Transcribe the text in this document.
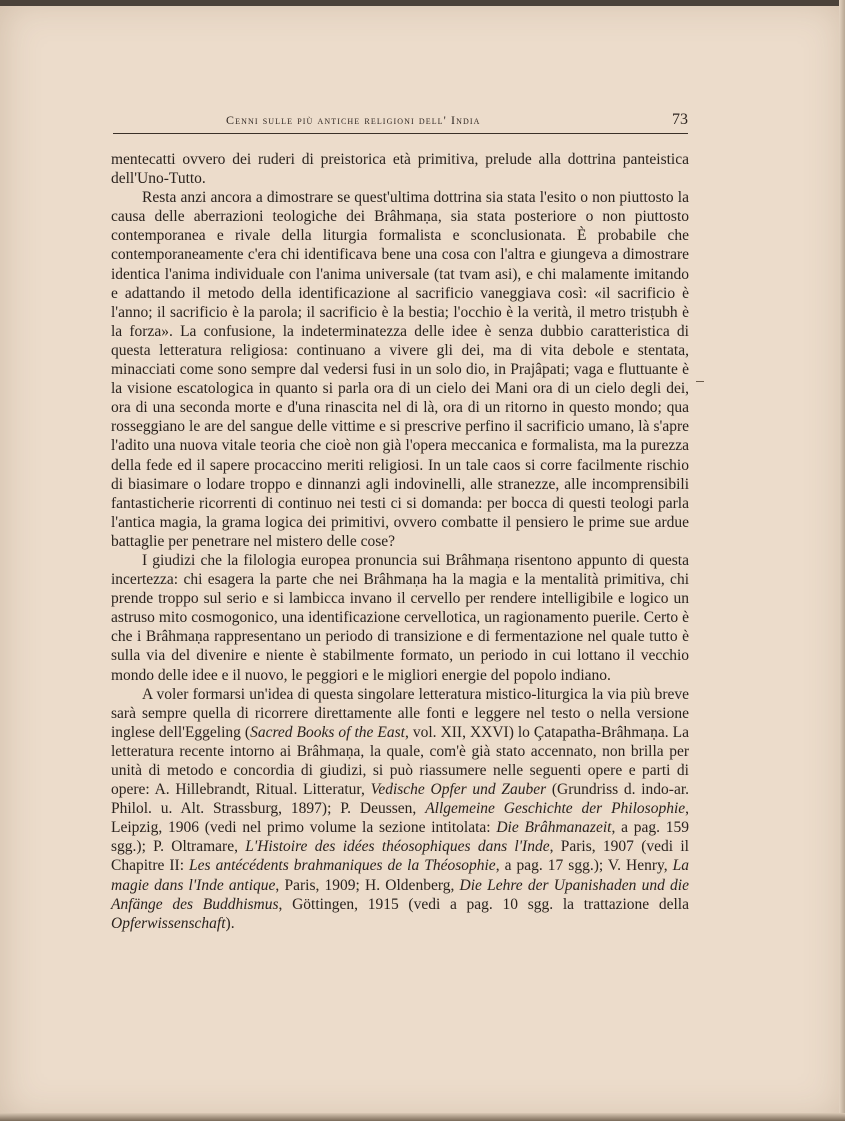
Cenni sulle più antiche religioni dell' India	73

mentecatti ovvero dei ruderi di preistorica età primitiva, prelude alla dottrina panteistica dell'Uno-Tutto.

Resta anzi ancora a dimostrare se quest'ultima dottrina sia stata l'esito o non piuttosto la causa delle aberrazioni teologiche dei Brâhmaṇa, sia stata posteriore o non piuttosto contemporanea e rivale della liturgia formalista e sconclusionata. È probabile che contemporaneamente c'era chi identificava bene una cosa con l'altra e giungeva a dimostrare identica l'anima individuale con l'anima universale (tat tvam asi), e chi malamente imitando e adattando il metodo della identificazione al sacrificio vaneggiava così: «il sacrificio è l'anno; il sacrificio è la parola; il sacrificio è la bestia; l'occhio è la verità, il metro trisṭubh è la forza». La confusione, la indeterminatezza delle idee è senza dubbio caratteristica di questa letteratura religiosa: continuano a vivere gli dei, ma di vita debole e stentata, minacciati come sono sempre dal vedersi fusi in un solo dio, in Prajâpati; vaga e fluttuante è la visione escatologica in quanto si parla ora di un cielo dei Mani ora di un cielo degli dei, ora di una seconda morte e d'una rinascita nel di là, ora di un ritorno in questo mondo; qua rosseggiano le are del sangue delle vittime e si prescrive perfino il sacrificio umano, là s'apre l'adito una nuova vitale teoria che cioè non già l'opera meccanica e formalista, ma la purezza della fede ed il sapere procaccino meriti religiosi. In un tale caos si corre facilmente rischio di biasimare o lodare troppo e dinnanzi agli indovinelli, alle stranezze, alle incomprensibili fantasticherie ricorrenti di continuo nei testi ci si domanda: per bocca di questi teologi parla l'antica magia, la grama logica dei primitivi, ovvero combatte il pensiero le prime sue ardue battaglie per penetrare nel mistero delle cose?

I giudizi che la filologia europea pronuncia sui Brâhmaṇa risentono appunto di questa incertezza: chi esagera la parte che nei Brâhmaṇa ha la magia e la mentalità primitiva, chi prende troppo sul serio e si lambicca invano il cervello per rendere intelligibile e logico un astruso mito cosmogonico, una identificazione cervellotica, un ragionamento puerile. Certo è che i Brâhmaṇa rappresentano un periodo di transizione e di fermentazione nel quale tutto è sulla via del divenire e niente è stabilmente formato, un periodo in cui lottano il vecchio mondo delle idee e il nuovo, le peggiori e le migliori energie del popolo indiano.

A voler formarsi un'idea di questa singolare letteratura mistico-liturgica la via più breve sarà sempre quella di ricorrere direttamente alle fonti e leggere nel testo o nella versione inglese dell'Eggeling (Sacred Books of the East, vol. XII, XXVI) lo Çatapatha-Brâhmaṇa. La letteratura recente intorno ai Brâhmaṇa, la quale, com'è già stato accennato, non brilla per unità di metodo e concordia di giudizi, si può riassumere nelle seguenti opere e parti di opere: A. Hillebrandt, Ritual. Litteratur, Vedische Opfer und Zauber (Grundriss d. indo-ar. Philol. u. Alt. Strassburg, 1897); P. Deussen, Allgemeine Geschichte der Philosophie, Leipzig, 1906 (vedi nel primo volume la sezione intitolata: Die Brâhmanazeit, a pag. 159 sgg.); P. Oltramare, L'Histoire des idées théosophiques dans l'Inde, Paris, 1907 (vedi il Chapitre II: Les antécédents brahmaniques de la Théosophie, a pag. 17 sgg.); V. Henry, La magie dans l'Inde antique, Paris, 1909; H. Oldenberg, Die Lehre der Upanishaden und die Anfänge des Buddhismus, Göttingen, 1915 (vedi a pag. 10 sgg. la trattazione della Opferwissenschaft).
